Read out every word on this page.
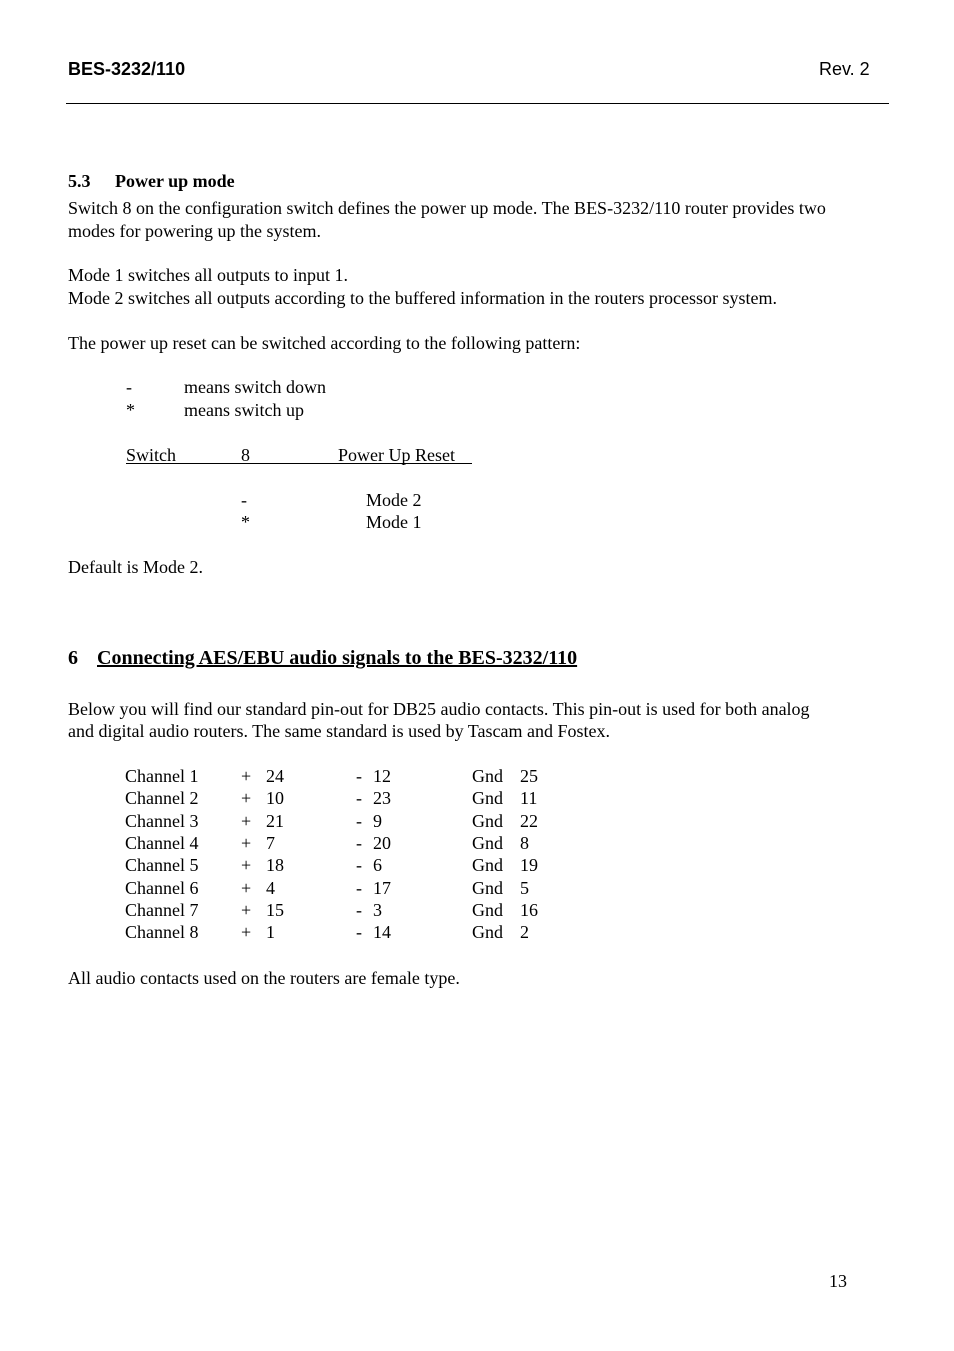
BES-3232/110	Rev. 2
5.3 Power up mode
Switch 8 on the configuration switch defines the power up mode. The BES-3232/110 router provides two
modes for powering up the system.
Mode 1 switches all outputs to input 1.
Mode 2 switches all outputs according to the buffered information in the routers processor system.
The power up reset can be switched according to the following pattern:
-	means switch down
*	means switch up
Switch	8	Power Up Reset
-	Mode 2
*	Mode 1
Default is Mode 2.
6 Connecting AES/EBU audio signals to the BES-3232/110
Below you will find our standard pin-out for DB25 audio contacts. This pin-out is used for both analog
and digital audio routers. The same standard is used by Tascam and Fostex.
Channel 1 + 24	- 12	Gnd 25
Channel 2 + 10	- 23	Gnd 11
Channel 3 + 21	- 9	Gnd 22
Channel 4 + 7	- 20	Gnd 8
Channel 5 + 18	- 6	Gnd 19
Channel 6 + 4	- 17	Gnd 5
Channel 7 + 15	- 3	Gnd 16
Channel 8 + 1	- 14	Gnd 2
All audio contacts used on the routers are female type.
13
